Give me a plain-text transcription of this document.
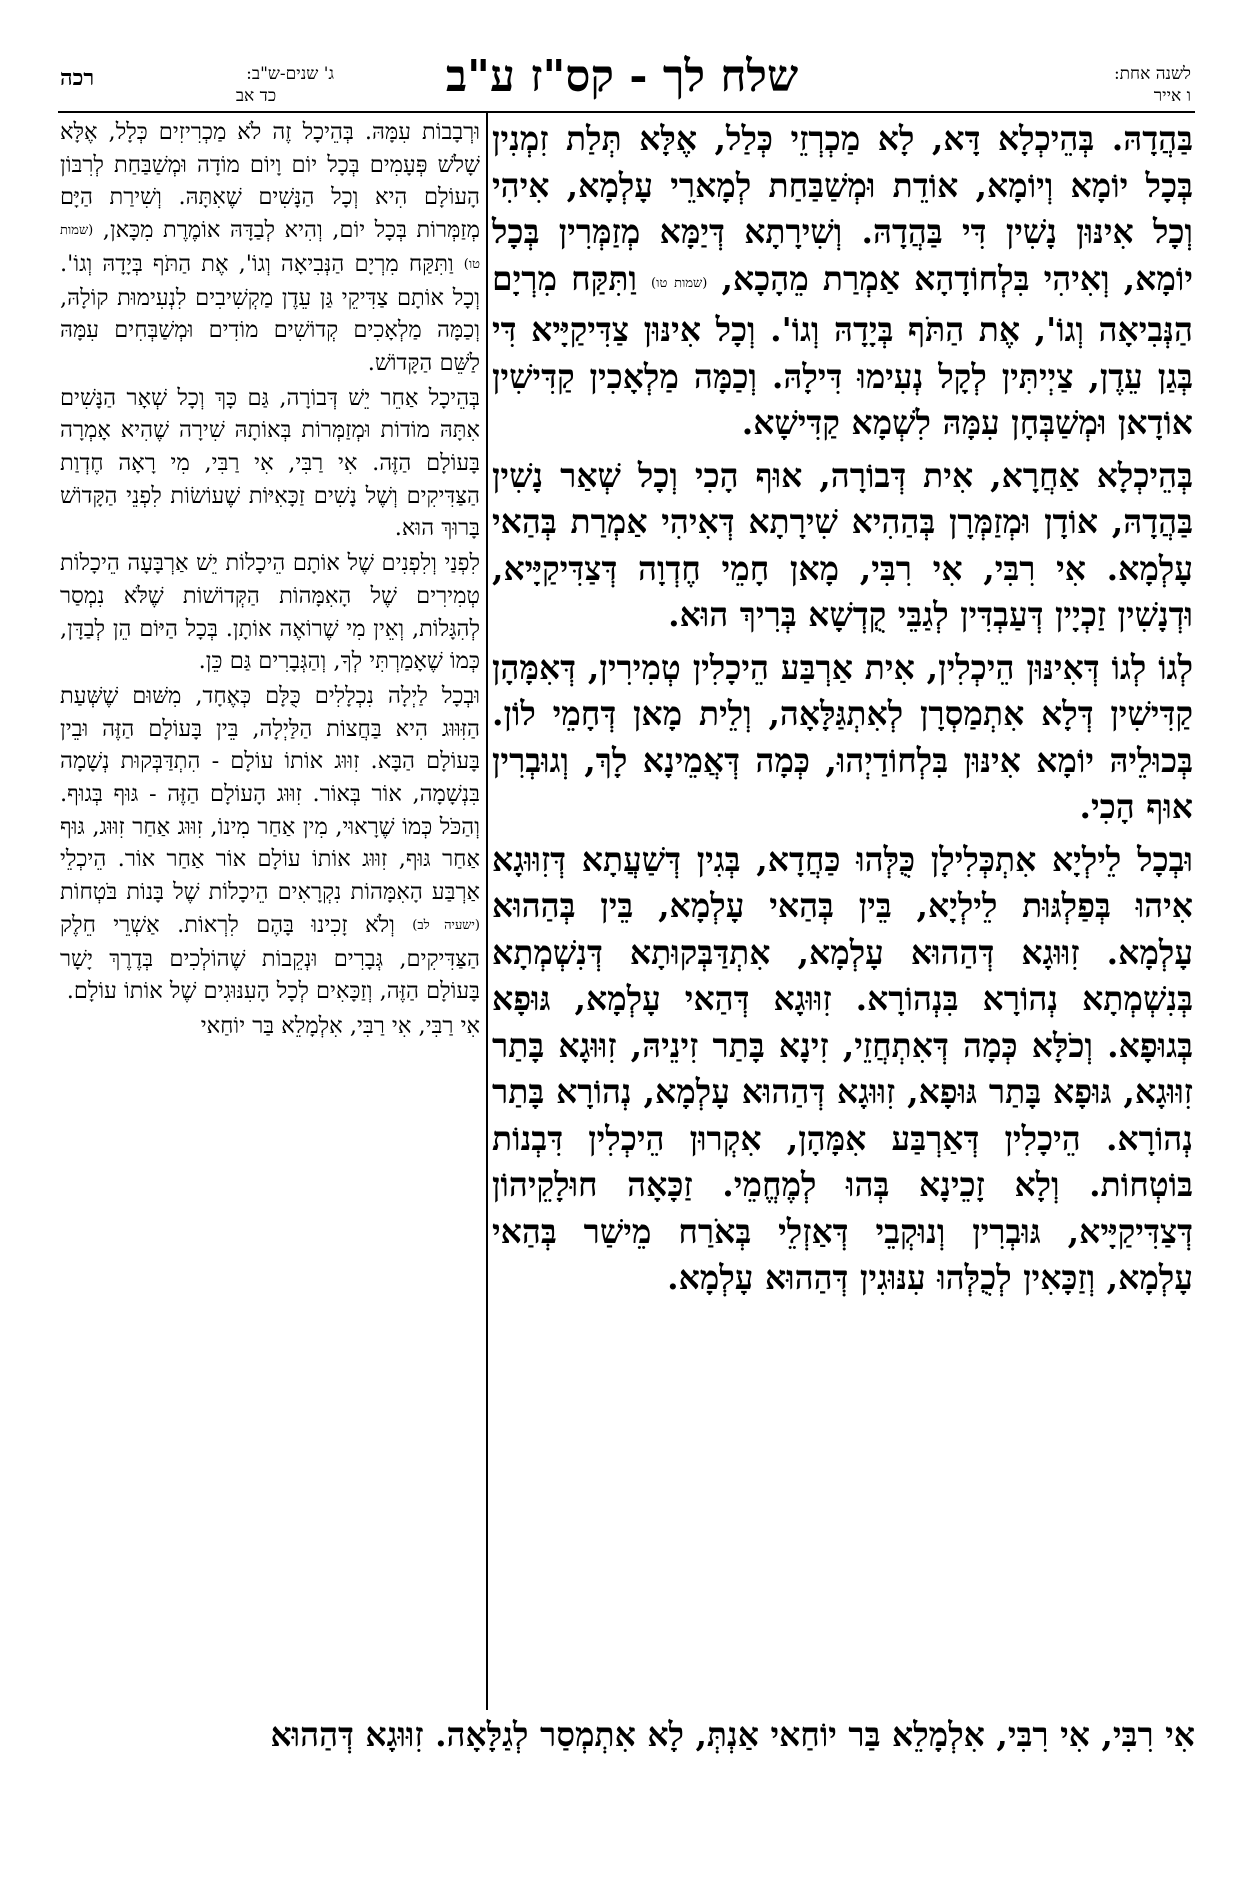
לשנה אחת:
ו אייר
שלח לך - קס"ז ע"ב
ג' שנים-ש"ב:
כד אב
רכה

בַּהֲדָהּ. בְּהֵיכְלָא דָּא, לָא מַכְרְזֵי כְּלַל, אֶלָּא תְּלַת זִמְנִין בְּכָל יוֹמָא וְיוֹמָא, אוֹדֵת וּמְשַׁבַּחַת לְמָארֵי עָלְמָא, אִיהִי וְכָל אִינּוּן נָשִׁין דִּי בַּהֲדָהּ. וְשִׁירָתָא דְּיַמָּא מְזַמְּרִין בְּכָל יוֹמָא, וְאִיהִי בִּלְחוֹדָהָא אַמְרַת מֵהָכָא, (שמות טו) וַתִּקַּח מִרְיָם הַנְּבִיאָה וְגוֹ', אֶת הַתֹּף בְּיָדָהּ וְגוֹ'. וְכָל אִינּוּן צַדִּיקַיָּיא דִּי בְּגַן עֵדֶן, צַיְיתִּין לְקָל נְעִימוּ דִּילָהּ. וְכַמָּה מַלְאָכִין קַדִּישִׁין אוֹדָאן וּמְשַׁבְּחָן עִמָּהּ לִשְׁמָא קַדִּישָׁא.

בְּהֵיכְלָא אַחֲרָא, אִית דְּבוֹרָה, אוּף הָכִי וְכָל שְׁאַר נָשִׁין בַּהֲדָהּ, אוֹדָן וּמְזַמְּרָן בְּהַהִיא שִׁירָתָא דְּאִיהִי אַמְרַת בְּהַאי עָלְמָא. אִי רִבִּי, אִי רִבִּי, מָאן חָמֵי חֶדְוָה דְּצַדִּיקַיָּיא, וּדְנָשִׁין זַכְיָין דְּעַבְדִּין לְגַבֵּי קֻדְשָׁא בְּרִיךְ הוּא.

לְגוֹ לְגוֹ דְּאִינּוּן הֵיכְלִין, אִית אַרְבַּע הֵיכָלִין טְמִירִין, דְּאִמָּהָן קַדִּישִׁין דְּלָא אִתְמַסְרָן לְאִתְגַּלָּאָה, וְלֵית מָאן דְּחָמֵי לוֹן. בְּכוּלֵיהּ יוֹמָא אִינּוּן בִּלְחוֹדַיְהוּ, כְּמָה דְּאֲמֵינָא לָךְ, וְגוּבְרִין אוּף הָכִי.

וּבְכָל לֵילְיָא אִתְכְּלִילָן כֻּלְּהוּ כַּחֲדָא, בְּגִין דְּשַׁעֲתָא דְּזִוּוּגָא אִיהוּ בְּפַלְגּוּת לֵילְיָא, בֵּין בְּהַאי עָלְמָא, בֵּין בְּהַהוּא עָלְמָא. זִוּוּגָא דְּהַהוּא עָלְמָא, אִתְדַּבְּקוּתָא דְּנִשְׁמְתָא בְּנִשְׁמְתָא נְהוֹרָא בִּנְהוֹרָא. זִוּוּגָא דְּהַאי עָלְמָא, גּוּפָא בְּגוּפָא. וְכֹלָּא כְּמָה דְּאִתְחֲזֵי, זִינָא בָּתַר זִינֵיהּ, זִוּוּגָא בָּתַר זִוּוּגָא, גּוּפָא בָּתַר גּוּפָא, זִוּוּגָא דְּהַהוּא עָלְמָא, נְהוֹרָא בָּתַר נְהוֹרָא. הֵיכָלִין דְּאַרְבַּע אִמָּהָן, אִקְרוּן הֵיכְלִין דִּבְנוֹת בּוֹטְחוֹת. וְלָא זָכֵינָא בְּהוּ לְמֶחֱמֵי. זַכָּאָה חוּלָקֵיהוֹן דְּצַדִּיקַיָּיא, גּוּבְרִין וְנוּקְבֵי דְּאַזְלֵי בְּאֹרַח מֵישַׁר בְּהַאי עָלְמָא, וְזַכָּאִין לְכֻלְּהוּ עִנּוּגִין דְּהַהוּא עָלְמָא.

וּרְבָבוֹת עִמָּהּ. בְּהֵיכָל זֶה לֹא מַכְרִיזִים כְּלָל, אֶלָּא שָׁלֹשׁ פְּעָמִים בְּכָל יוֹם וָיוֹם מוֹדָה וּמְשַׁבַּחַת לְרִבּוֹן הָעוֹלָם הִיא וְכָל הַנָּשִׁים שֶׁאִתָּהּ. וְשִׁירַת הַיָּם מְזַמְּרוֹת בְּכָל יוֹם, וְהִיא לְבַדָּהּ אוֹמֶרֶת מִכָּאן, (שמות טו) וַתִּקַּח מִרְיָם הַנְּבִיאָה וְגוֹ', אֶת הַתֹּף בְּיָדָהּ וְגוֹ'. וְכָל אוֹתָם צַדִּיקֵי גַּן עֵדֶן מַקְשִׁיבִים לִנְעִימוּת קוֹלָהּ, וְכַמָּה מַלְאָכִים קְדוֹשִׁים מוֹדִים וּמְשַׁבְּחִים עִמָּהּ לַשֵּׁם הַקָּדוֹשׁ.

בְּהֵיכָל אַחֵר יֵשׁ דְּבוֹרָה, גַּם כָּךְ וְכָל שְׁאָר הַנָּשִׁים אִתָּהּ מוֹדוֹת וּמְזַמְּרוֹת בְּאוֹתָהּ שִׁירָה שֶׁהִיא אָמְרָה בָּעוֹלָם הַזֶּה. אִי רַבִּי, אִי רַבִּי, מִי רָאָה חֶדְוַת הַצַּדִּיקִים וְשֶׁל נָשִׁים זַכָּאִיּוֹת שֶׁעוֹשׂוֹת לִפְנֵי הַקָּדוֹשׁ בָּרוּךְ הוּא.

לִפְנַי וְלִפְנִים שֶׁל אוֹתָם הֵיכָלוֹת יֵשׁ אַרְבָּעָה הֵיכָלוֹת טְמִירִים שֶׁל הָאִמָּהוֹת הַקְּדוֹשׁוֹת שֶׁלֹּא נִמְסַר לְהִגָּלוֹת, וְאֵין מִי שֶׁרוֹאֶה אוֹתָן. בְּכָל הַיּוֹם הֵן לְבַדָּן, כְּמוֹ שֶׁאָמַרְתִּי לְךָ, וְהַגְּבָרִים גַּם כֵּן.

וּבְכָל לַיְלָה נִכְלָלִים כֻּלָּם כְּאֶחָד, מִשּׁוּם שֶׁשְּׁעַת הַזִּוּוּג הִיא בַּחֲצוֹת הַלַּיְלָה, בֵּין בָּעוֹלָם הַזֶּה וּבֵין בָּעוֹלָם הַבָּא. זִוּוּג אוֹתוֹ עוֹלָם - הִתְדַּבְּקוּת נְשָׁמָה בִּנְשָׁמָה, אוֹר בְּאוֹר. זִוּוּג הָעוֹלָם הַזֶּה - גּוּף בְּגוּף. וְהַכֹּל כְּמוֹ שֶׁרָאוּי, מִין אַחַר מִינוֹ, זִוּוּג אַחַר זִוּוּג, גּוּף אַחַר גּוּף, זִוּוּג אוֹתוֹ עוֹלָם אוֹר אַחַר אוֹר. הֵיכְלֵי אַרְבַּע הָאִמָּהוֹת נִקְרָאִים הֵיכָלוֹת שֶׁל בָּנוֹת בֹּטְחוֹת (ישעיה לב) וְלֹא זָכִינוּ בָּהֶם לִרְאוֹת. אַשְׁרֵי חֵלֶק הַצַּדִּיקִים, גְּבָרִים וּנְקֵבוֹת שֶׁהוֹלְכִים בְּדֶרֶךְ יָשָׁר בָּעוֹלָם הַזֶּה, וְזַכָּאִים לְכָל הָעִנּוּגִים שֶׁל אוֹתוֹ עוֹלָם.

אִי רַבִּי, אִי רַבִּי, אִלְמָלֵא בַּר יוֹחַאי

אִי רִבִּי, אִי רִבִּי, אִלְמָלֵא בַּר יוֹחַאי אַנְתְּ, לָא אִתְמְסַר לְגַלָּאָה. זִוּוּגָא דְּהַהוּא
